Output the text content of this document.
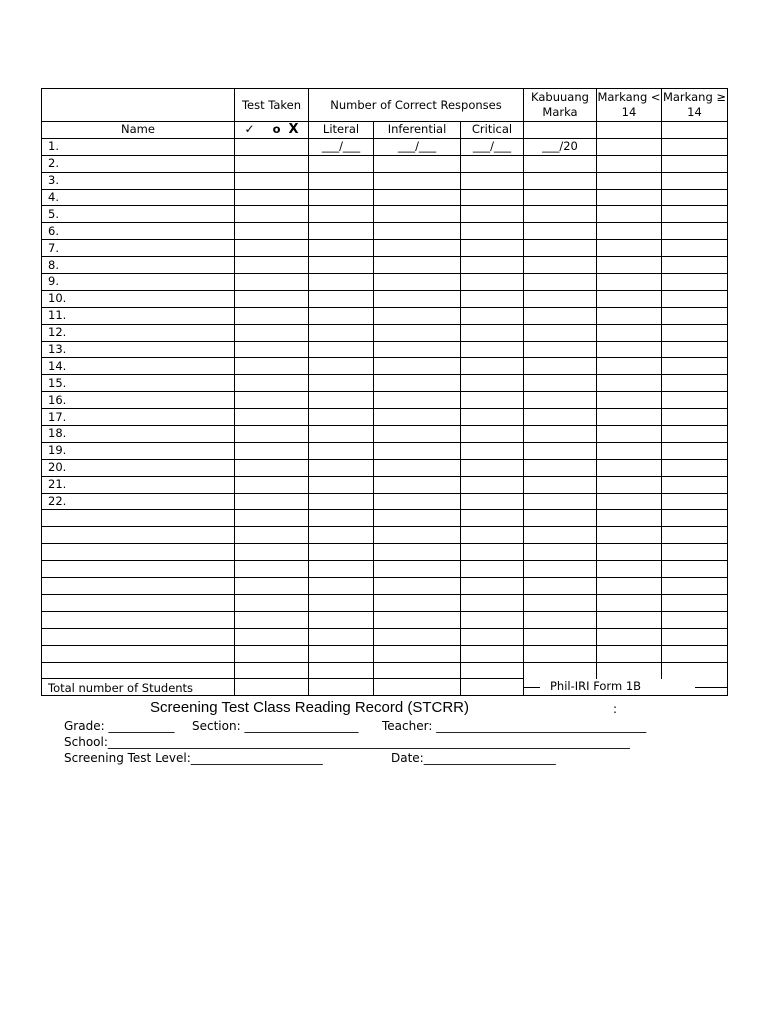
	Test Taken	Number of Correct Responses			Kabuuang Marka	Markang < 14	Markang ≥ 14
Name	✓ o X	Literal	Inferential	Critical			
1.		___/___	___/___	___/___	___/20		
2.							
3.							
4.							
5.							
6.							
7.							
8.							
9.							
10.							
11.							
12.							
13.							
14.							
15.							
16.							
17.							
18.							
19.							
20.							
21.							
22.							

Total number of Students					Phil-IRI Form 1B		
Screening Test Class Reading Record (STCRR)	:
Grade: ___________ Section: ___________________ Teacher: ___________________________________
School:_______________________________________________________________________________________
Screening Test Level:______________________	Date:______________________
